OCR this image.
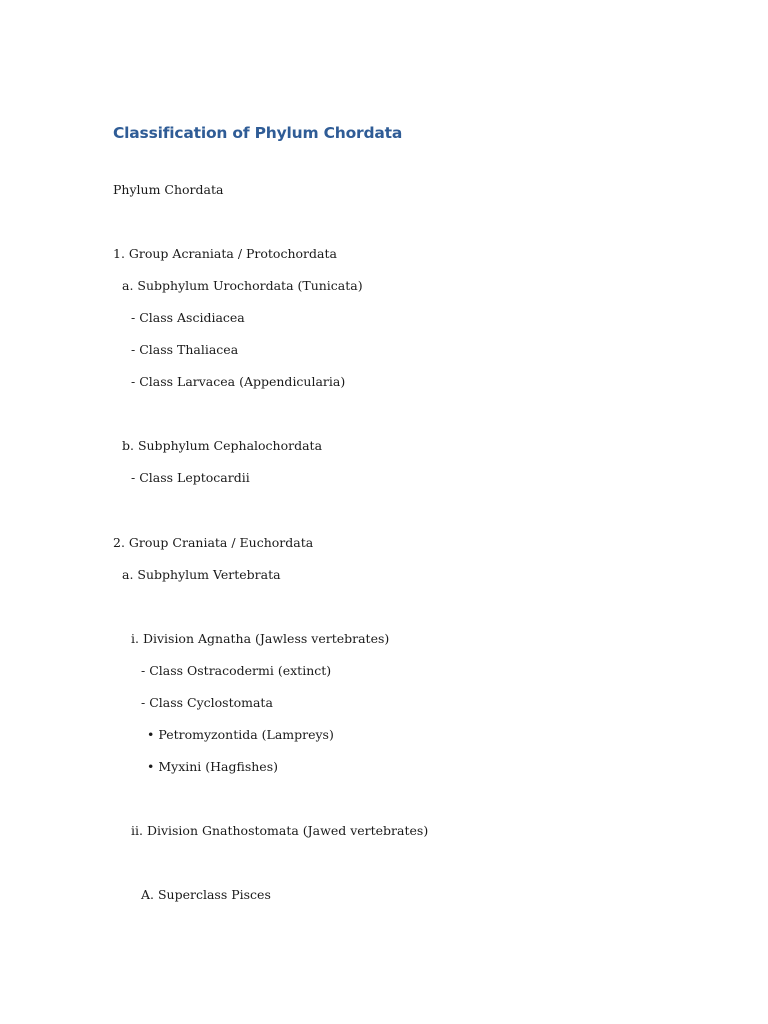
Classification of Phylum Chordata

Phylum Chordata

1. Group Acraniata / Protochordata

a. Subphylum Urochordata (Tunicata)

- Class Ascidiacea

- Class Thaliacea

- Class Larvacea (Appendicularia)

b. Subphylum Cephalochordata

- Class Leptocardii

2. Group Craniata / Euchordata

a. Subphylum Vertebrata

i. Division Agnatha (Jawless vertebrates)

- Class Ostracodermi (extinct)

- Class Cyclostomata

• Petromyzontida (Lampreys)

• Myxini (Hagfishes)

ii. Division Gnathostomata (Jawed vertebrates)

A. Superclass Pisces
